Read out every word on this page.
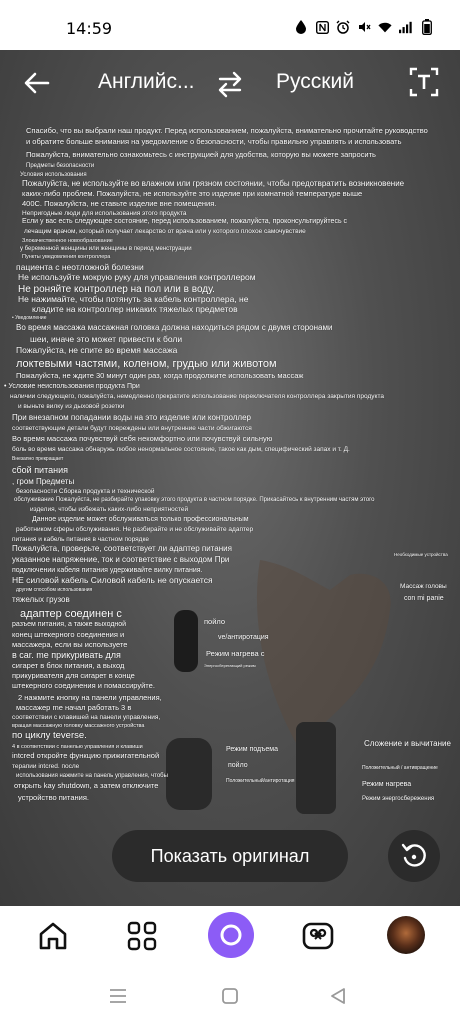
14:59
Спасибо, что вы выбрали наш продукт. Перед использованием, пожалуйста, внимательно прочитайте руководство
и обратите больше внимания на уведомление о безопасности, чтобы правильно управлять и использовать
Пожалуйста, внимательно ознакомьтесь с инструкцией для удобства, которую вы можете запросить
Предметы безопасности
Условия использования
Пожалуйста, не используйте во влажном или грязном состоянии, чтобы предотвратить возникновение
каких-либо проблем. Пожалуйста, не используйте это изделие при комнатной температуре выше
400С. Пожалуйста, не ставьте изделие вне помещения.
Непригодные люди для использования этого продукта
Если у вас есть следующее состояние, перед использованием, пожалуйста, проконсультируйтесь с
лечащим врачом, который получает лекарство от врача или у которого плохое самочувствие
Злокачественное новообразование
у беременной женщины или женщины в период менструации
Пункты уведомления контроллера
пациента с неотложной болезни
Не используйте мокрую руку для управления контроллером
Не роняйте контроллер на пол или в воду.
Не нажимайте, чтобы потянуть за кабель контроллера, не
кладите на контроллер никаких тяжелых предметов
• Уведомление
Во время массажа массажная головка должна находиться рядом с двумя сторонами
шеи, иначе это может привести к боли
Пожалуйста, не спите во время массажа
локтевыми частями, коленом, грудью или животом
Пожалуйста, не ждите 30 минут один раз, когда продолжите использовать массаж
• Условие неиспользования продукта При
наличии следующего, пожалуйста, немедленно прекратите использование переключателя контроллера закрытия продукта
и выньте вилку из дыховой розетки
При внезапном попадании воды на это изделие или контроллер
соответствующие детали будут повреждены или внутренние части обжигаются
Во время массажа почувствуй себя некомфортно или почувствуй сильную
боль во время массажа обнаружь любое ненормальное состояние, такое как дым, специфический запах и т. Д.
Внезапно прекращает
сбой питания
, гром Предметы
безопасности Сборка продукта и технической
обслуживание Пожалуйста, не разбирайте упаковку этого продукта в частном порядке. Прикасайтесь к внутренним частям этого
изделия, чтобы избежать каких-либо неприятностей
Данное изделие может обслуживаться только профессиональным
работником сферы обслуживания. Не разбирайте и не обслуживайте адаптер
питания и кабель питания в частном порядке
Пожалуйста, проверьте, соответствует ли адаптер питания
указанное напряжение, ток и соответствие с выходом При
подключении кабеля питания удерживайте вилку питания.
НЕ силовой кабель Силовой кабель не опускается
другим способом использования
тяжелых грузов
адаптер соединен с
разъем питания, а также выходной
конец штекерного соединения и
массажера, если вы используете
в car. me прикуривать для
сигарет в блок питания, а выход
прикуривателя для сигарет в конце
штекерного соединения и помассируйте.
2 нажмите кнопку на панели управления,
массажер me начал работать 3 в
соответствии с клавишей на панели управления,
вращая массажную головку массажного устройства
по циклу teverse.
4 в соответствии с панелью управления и клавиши
intcred откройте функцию прижигательной
терапии intcred. после
использования нажмите на панель управления, чтобы
открыть kay shutdown, а затем отключите
устройство питания.
Необходимые устройства
Массаж головы
con mi panie
пойло
ve/антиротация
Режим нагрева с
Энергосберегающий режим
Сложение и вычитание
Режим подъема
пойло
Положительный/антиротация
Положительный / антивращение
Режим нагрева
Режим энергосбережения
Английс...	Русский
Показать оригинал
